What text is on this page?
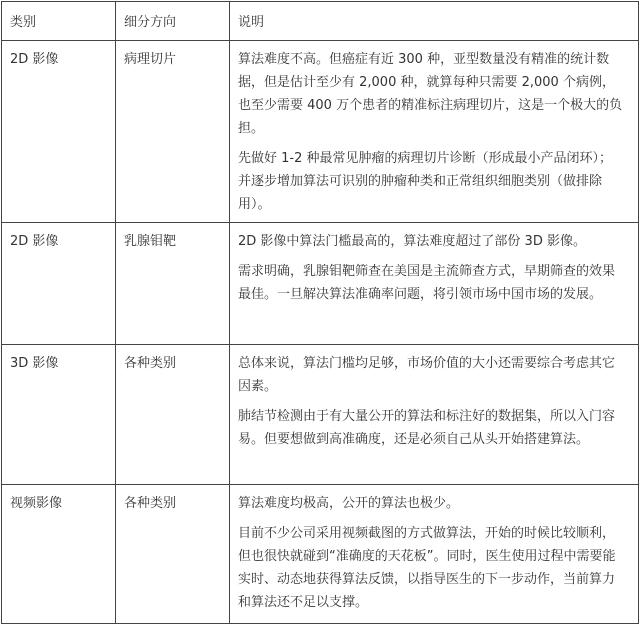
类别	细分方向	说明
2D 影像	病理切片	算法难度不高。但癌症有近 300 种，亚型数量没有精准的统计数据，但是估计至少有 2,000 种，就算每种只需要 2,000 个病例，也至少需要 400 万个患者的精准标注病理切片，这是一个极大的负担。

先做好 1-2 种最常见肿瘤的病理切片诊断（形成最小产品闭环）；并逐步增加算法可识别的肿瘤种类和正常组织细胞类别（做排除用）。

2D 影像	乳腺钼靶	2D 影像中算法门槛最高的，算法难度超过了部份 3D 影像。

需求明确，乳腺钼靶筛查在美国是主流筛查方式，早期筛查的效果最佳。一旦解决算法准确率问题，将引领市场中国市场的发展。

3D 影像	各种类别	总体来说，算法门槛均足够，市场价值的大小还需要综合考虑其它因素。

肺结节检测由于有大量公开的算法和标注好的数据集，所以入门容易。但要想做到高准确度，还是必须自己从头开始搭建算法。

视频影像	各种类别	算法难度均极高，公开的算法也极少。

目前不少公司采用视频截图的方式做算法，开始的时候比较顺利，但也很快就碰到“准确度的天花板”。同时，医生使用过程中需要能实时、动态地获得算法反馈，以指导医生的下一步动作，当前算力和算法还不足以支撑。
